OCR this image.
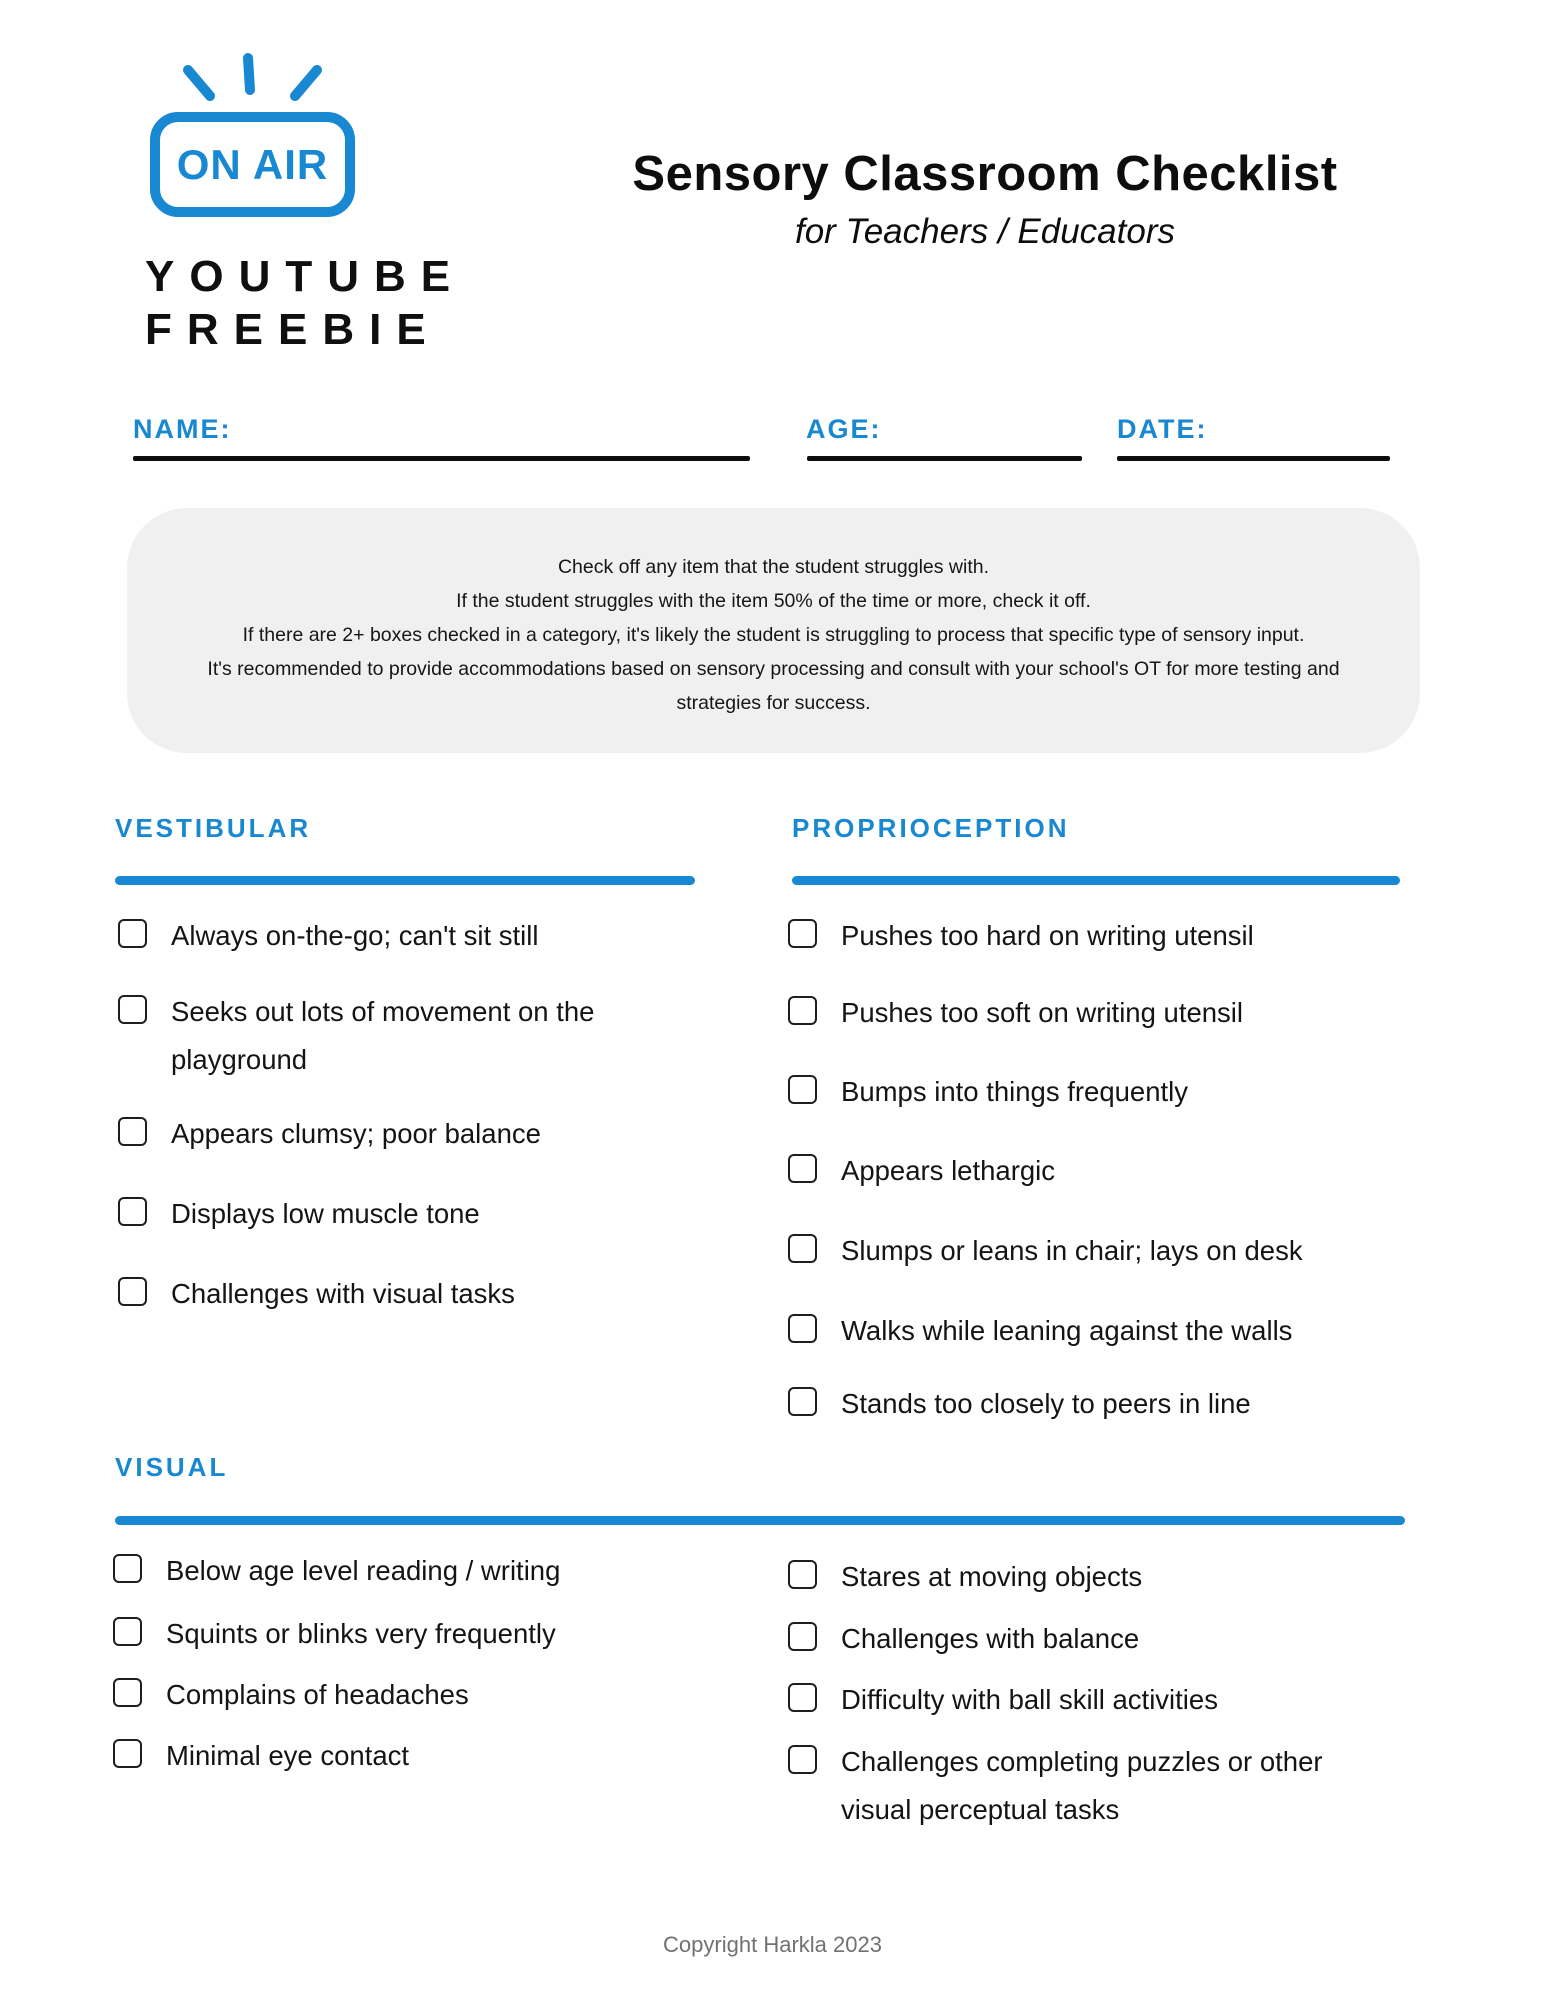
ON AIR
YOUTUBE
FREEBIE
Sensory Classroom Checklist
for Teachers / Educators
NAME:	AGE:	DATE:

Check off any item that the student struggles with.

If the student struggles with the item 50% of the time or more, check it off.

If there are 2+ boxes checked in a category, it's likely the student is struggling to process that specific type of sensory input.

It's recommended to provide accommodations based on sensory processing and consult with your school's OT for more testing and strategies for success.

VESTIBULAR
Always on-the-go; can't sit still
Seeks out lots of movement on the playground
Appears clumsy; poor balance
Displays low muscle tone
Challenges with visual tasks
PROPRIOCEPTION
Pushes too hard on writing utensil
Pushes too soft on writing utensil
Bumps into things frequently
Appears lethargic
Slumps or leans in chair; lays on desk
Walks while leaning against the walls
Stands too closely to peers in line
VISUAL
Below age level reading / writing
Squints or blinks very frequently
Complains of headaches
Minimal eye contact
Stares at moving objects
Challenges with balance
Difficulty with ball skill activities
Challenges completing puzzles or other visual perceptual tasks
Copyright Harkla 2023
